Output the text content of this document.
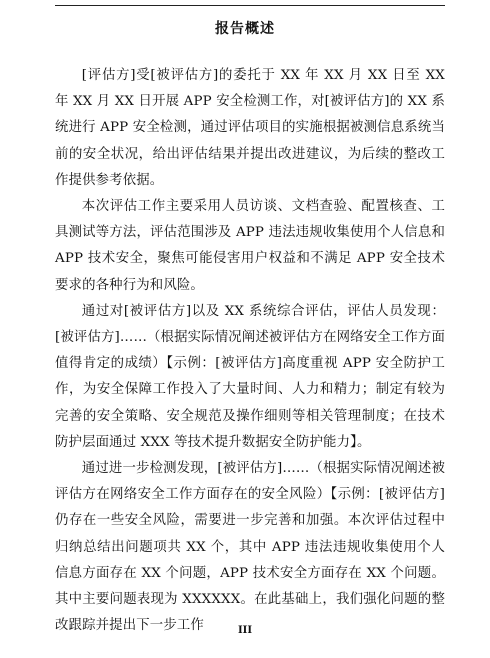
报告概述

[评估方]受[被评估方]的委托于 XX 年 XX 月 XX 日至 XX 年 XX 月 XX 日开展 APP 安全检测工作，对[被评估方]的 XX 系统进行 APP 安全检测，通过评估项目的实施根据被测信息系统当前的安全状况，给出评估结果并提出改进建议，为后续的整改工作提供参考依据。

本次评估工作主要采用人员访谈、文档查验、配置核查、工具测试等方法，评估范围涉及 APP 违法违规收集使用个人信息和 APP 技术安全，聚焦可能侵害用户权益和不满足 APP 安全技术要求的各种行为和风险。

通过对[被评估方]以及 XX 系统综合评估，评估人员发现：[被评估方]……（根据实际情况阐述被评估方在网络安全工作方面值得肯定的成绩）【示例：[被评估方]高度重视 APP 安全防护工作，为安全保障工作投入了大量时间、人力和精力；制定有较为完善的安全策略、安全规范及操作细则等相关管理制度；在技术防护层面通过 XXX 等技术提升数据安全防护能力】。

通过进一步检测发现，[被评估方]……（根据实际情况阐述被评估方在网络安全工作方面存在的安全风险）【示例：[被评估方]仍存在一些安全风险，需要进一步完善和加强。本次评估过程中归纳总结出问题项共 XX 个，其中 APP 违法违规收集使用个人信息方面存在 XX 个问题，APP 技术安全方面存在 XX 个问题。其中主要问题表现为 XXXXXX。在此基础上，我们强化问题的整改跟踪并提出下一步工作	III
